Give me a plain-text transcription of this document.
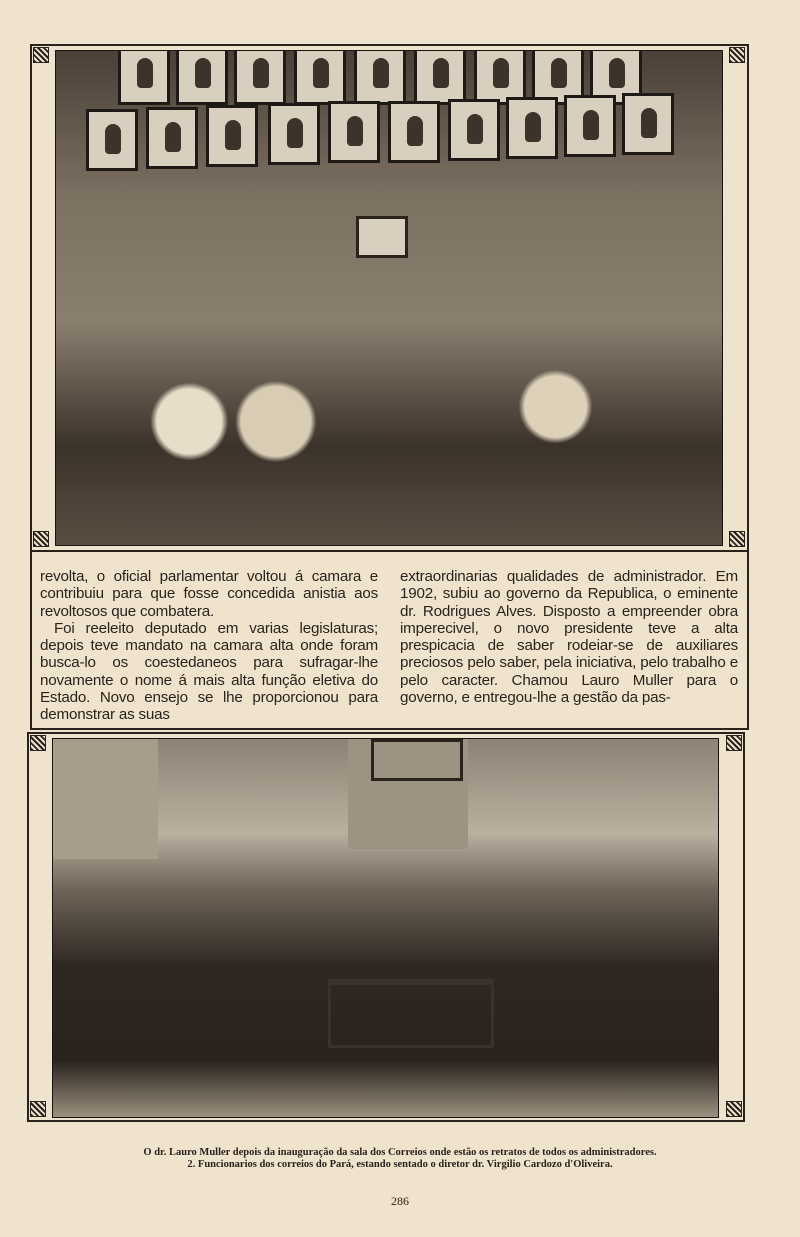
revolta, o oficial parlamentar voltou á camara e contribuiu para que fosse concedida anistia aos revoltosos que combatera.

Foi reeleito deputado em varias legislaturas; depois teve mandato na camara alta onde foram busca-lo os coestedaneos para sufragar-lhe novamente o nome á mais alta função eletiva do Estado. Novo ensejo se lhe proporcionou para demonstrar as suas

extraordinarias qualidades de administrador. Em 1902, subiu ao governo da Republica, o eminente dr. Rodrigues Alves. Disposto a empreender obra imperecivel, o novo presidente teve a alta prespicacia de saber rodeiar-se de auxiliares preciosos pelo saber, pela iniciativa, pelo trabalho e pelo caracter. Chamou Lauro Muller para o governo, e entregou-lhe a gestão da pas-

O dr. Lauro Muller depois da inauguração da sala dos Correios onde estão os retratos de todos os administradores.
2. Funcionarios dos correios do Pará, estando sentado o diretor dr. Virgilio Cardozo d'Oliveira.
286
